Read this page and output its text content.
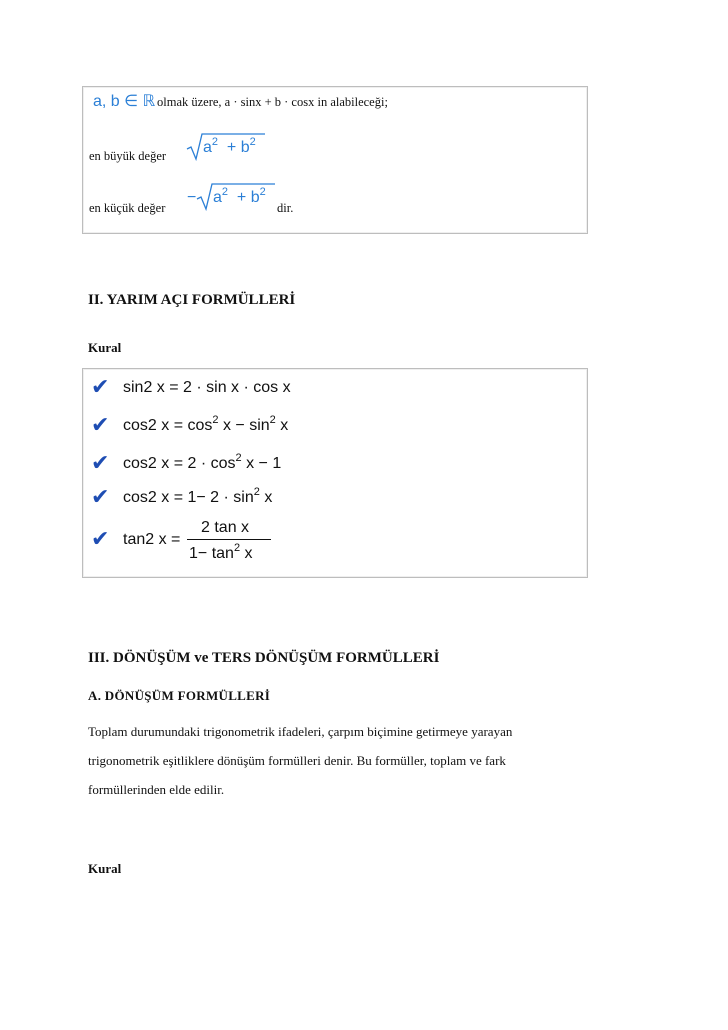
a, b ∈ ℝ olmak üzere, a · sinx + b · cosx in alabileceği;
en büyük değer $a^2 + b^2$
en küçük değer
− $a^2 + b^2$
dir.
II. YARIM AÇI FORMÜLLERİ
Kural
✔ sin2 x = 2 · sin x · cos x
✔ cos2 $x = \cos^2 x - \sin^2 x$
✔ cos2 $x = 2 \cdot \cos^2 x - 1$
✔ cos2 $x = 1- 2 \cdot \sin^2 x$
✔ tan2 x =
2 tan x
$1- \tan^2 x$
III. DÖNÜŞÜM ve TERS DÖNÜŞÜM FORMÜLLERİ
A. DÖNÜŞÜM FORMÜLLERİ
Toplam durumundaki trigonometrik ifadeleri, çarpım biçimine getirmeye yarayan
trigonometrik eşitliklere dönüşüm formülleri denir. Bu formüller, toplam ve fark
formüllerinden elde edilir.
Kural
